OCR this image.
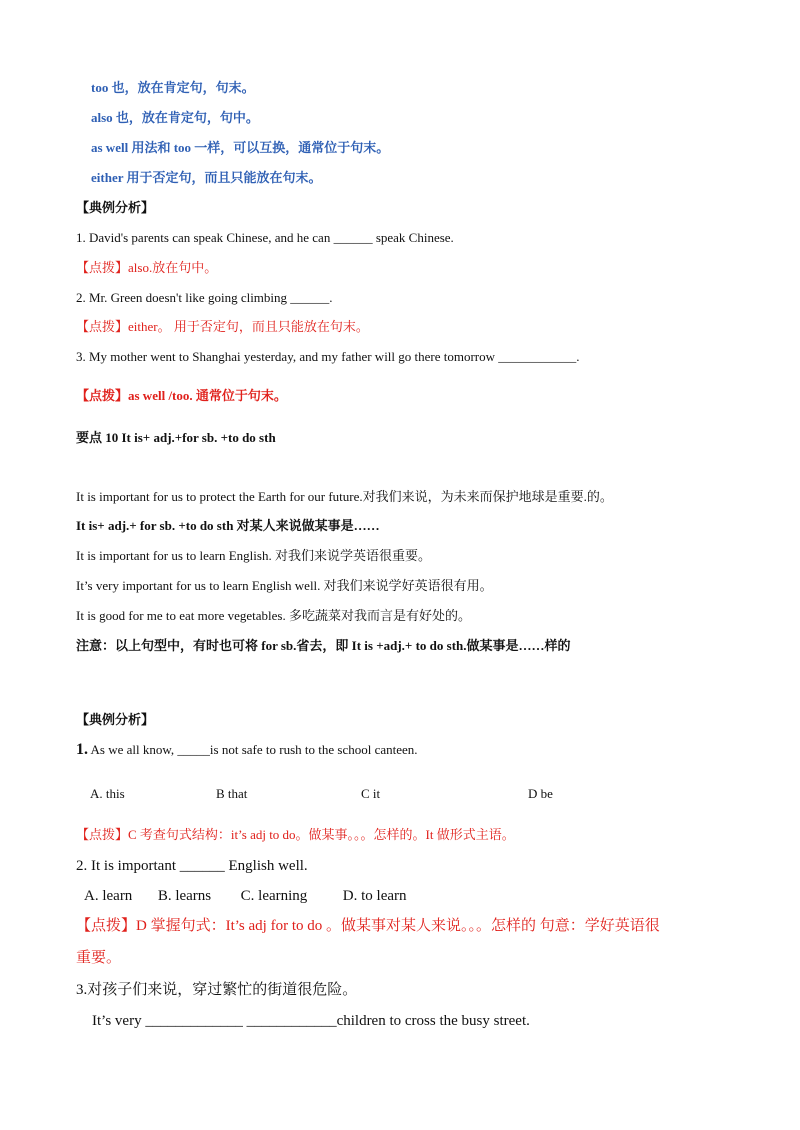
too 也，放在肯定句，句末。
also 也，放在肯定句，句中。
as well 用法和 too 一样，可以互换，通常位于句末。
either 用于否定句，而且只能放在句末。
【典例分析】
1. David's parents can speak Chinese, and he can ______ speak Chinese.
【点拨】also.放在句中。
2. Mr. Green doesn't like going climbing ______.
【点拨】either。 用于否定句，而且只能放在句末。
3. My mother went to Shanghai yesterday, and my father will go there tomorrow ____________.
【点拨】as well /too. 通常位于句末。
要点 10 It is+ adj.+for sb. +to do sth
It is important for us to protect the Earth for our future.对我们来说，为未来而保护地球是重要.的。
It is+ adj.+ for sb. +to do sth 对某人来说做某事是……
It is important for us to learn English. 对我们来说学英语很重要。
It’s very important for us to learn English well. 对我们来说学好英语很有用。
It is good for me to eat more vegetables. 多吃蔬菜对我而言是有好处的。
注意：以上句型中，有时也可将 for sb.省去，即 It is +adj.+ to do sth.做某事是……样的
【典例分析】
1. As we all know, _____is not safe to rush to the school canteen.
A. this	B that	C it	D be
【点拨】C 考查句式结构：it’s adj to do。做某事。。。怎样的。It 做形式主语。
2. It is important ______ English well.
A. learn B. learns C. learning D. to learn
【点拨】D 掌握句式：It’s adj for to do 。做某事对某人来说。。。怎样的 句意：学好英语很
重要。
3.对孩子们来说，穿过繁忙的街道很危险。
It’s very _____________ ____________children to cross the busy street.
